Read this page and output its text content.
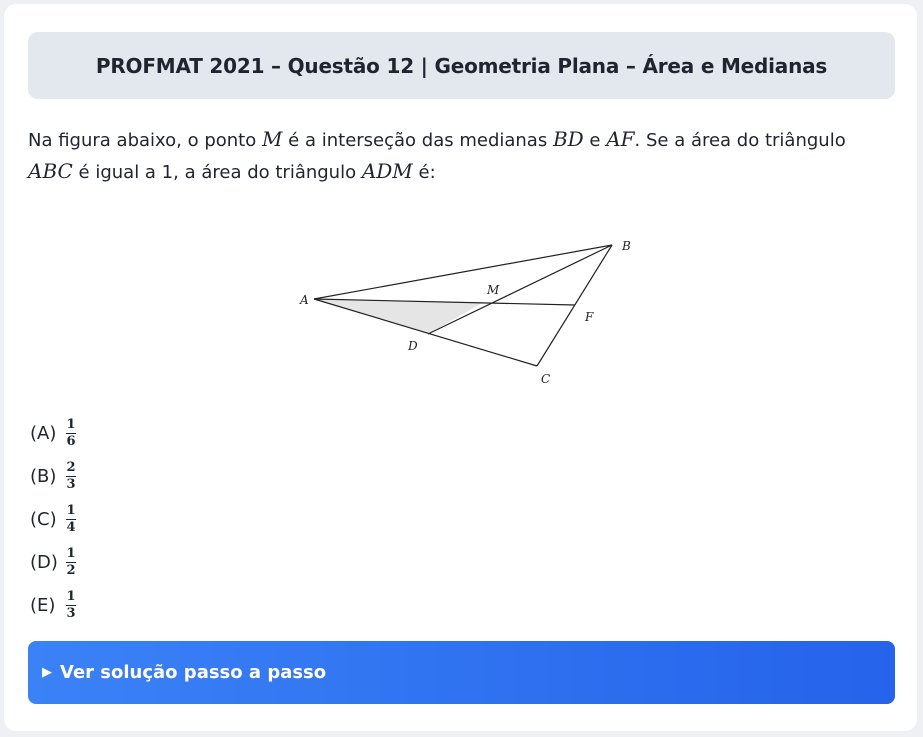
PROFMAT 2021 – Questão 12 | Geometria Plana – Área e Medianas
Na figura abaixo, o ponto M é a interseção das medianas BD e AF. Se a área do triângulo ABC é igual a 1, a área do triângulo ADM é:
A
B
C
D
F
M
$(A) \frac{1}{6}$
$(B) \frac{2}{3}$
$(C) \frac{1}{4}$
$(D) \frac{1}{2}$
$(E) \frac{1}{3}$
▶ Ver solução passo a passo
